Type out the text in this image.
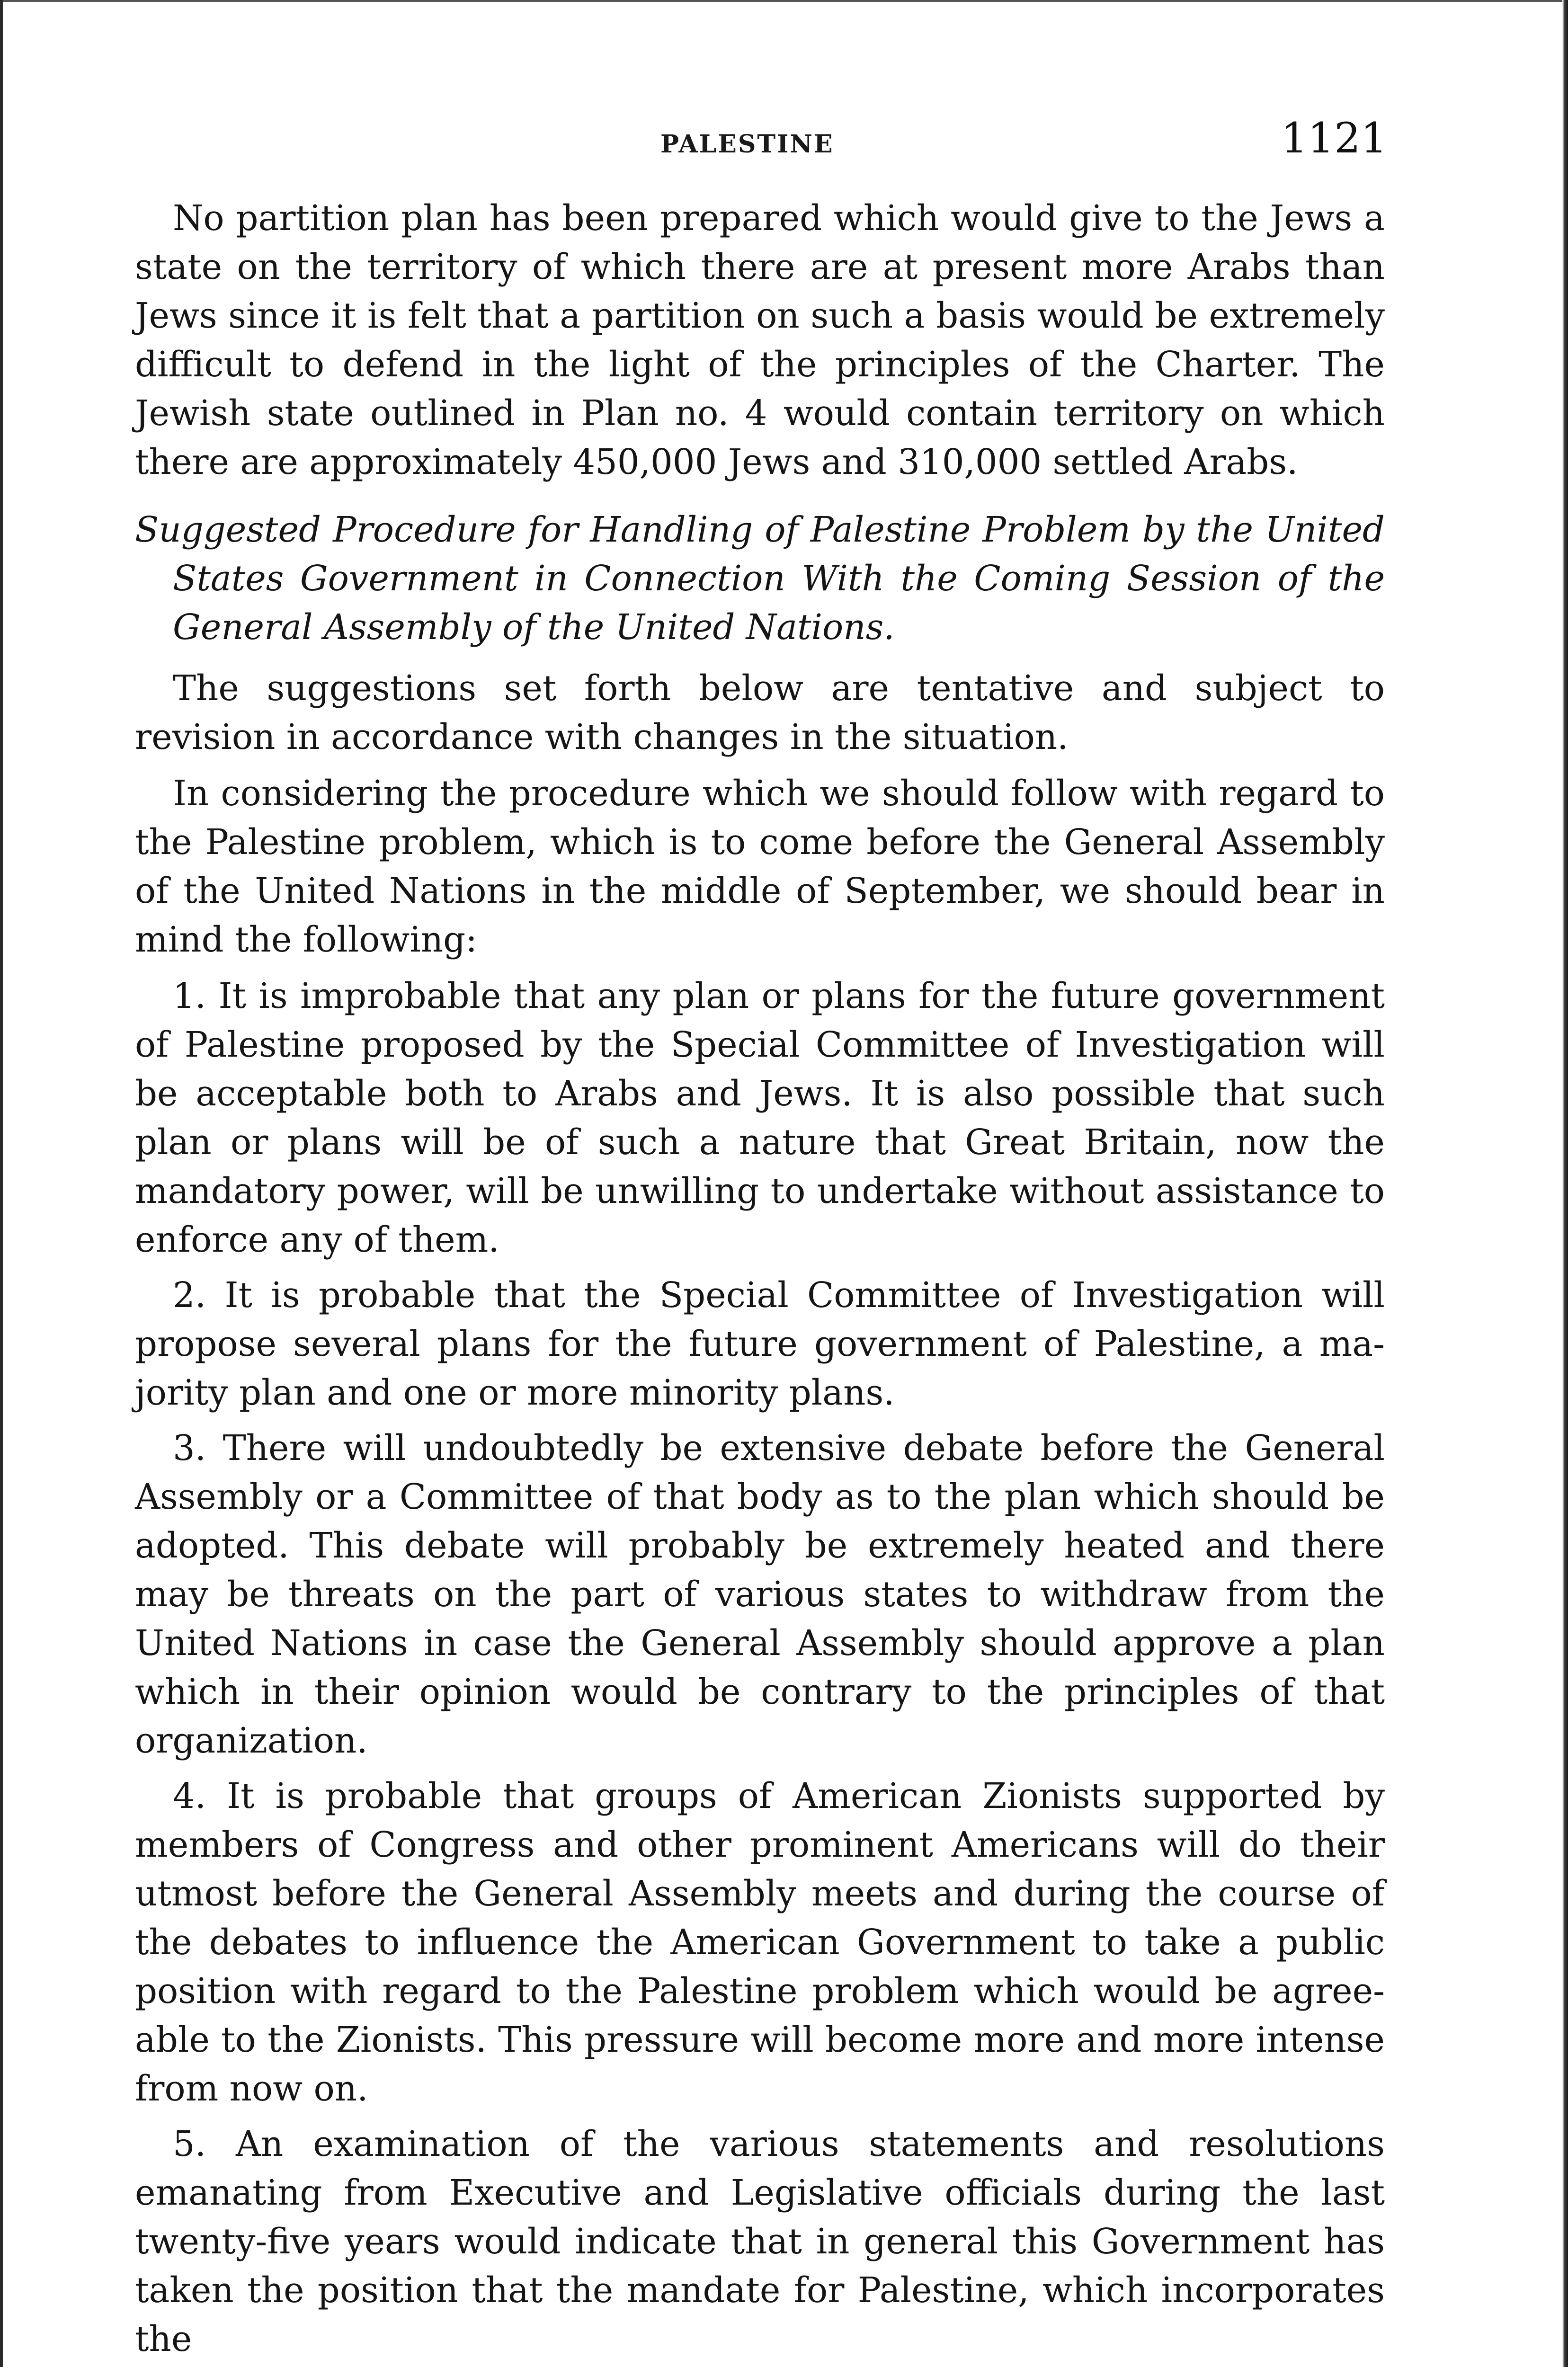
PALESTINE	1121

No partition plan has been prepared which would give to the Jews a state on the territory of which there are at present more Arabs than Jews since it is felt that a partition on such a basis would be extremely difficult to defend in the light of the principles of the Charter. The Jewish state outlined in Plan no. 4 would contain territory on which there are approximately 450,000 Jews and 310,000 settled Arabs.

Suggested Procedure for Handling of Palestine Problem by the United States Government in Connection With the Coming Session of the General Assembly of the United Nations.

The suggestions set forth below are tentative and subject to revision in accordance with changes in the situation.

In considering the procedure which we should follow with regard to the Palestine problem, which is to come before the General Assembly of the United Nations in the middle of September, we should bear in mind the following:

1. It is improbable that any plan or plans for the future government of Palestine proposed by the Special Committee of Investigation will be acceptable both to Arabs and Jews. It is also possible that such plan or plans will be of such a nature that Great Britain, now the mandatory power, will be unwilling to undertake without assistance to enforce any of them.

2. It is probable that the Special Committee of Investigation will propose several plans for the future government of Palestine, a majority plan and one or more minority plans.

3. There will undoubtedly be extensive debate before the General Assembly or a Committee of that body as to the plan which should be adopted. This debate will probably be extremely heated and there may be threats on the part of various states to withdraw from the United Nations in case the General Assembly should approve a plan which in their opinion would be contrary to the principles of that organization.

4. It is probable that groups of American Zionists supported by members of Congress and other prominent Americans will do their utmost before the General Assembly meets and during the course of the debates to influence the American Government to take a public position with regard to the Palestine problem which would be agreeable to the Zionists. This pressure will become more and more intense from now on.

5. An examination of the various statements and resolutions emanating from Executive and Legislative officials during the last twenty-five years would indicate that in general this Government has taken the position that the mandate for Palestine, which incorporates the
